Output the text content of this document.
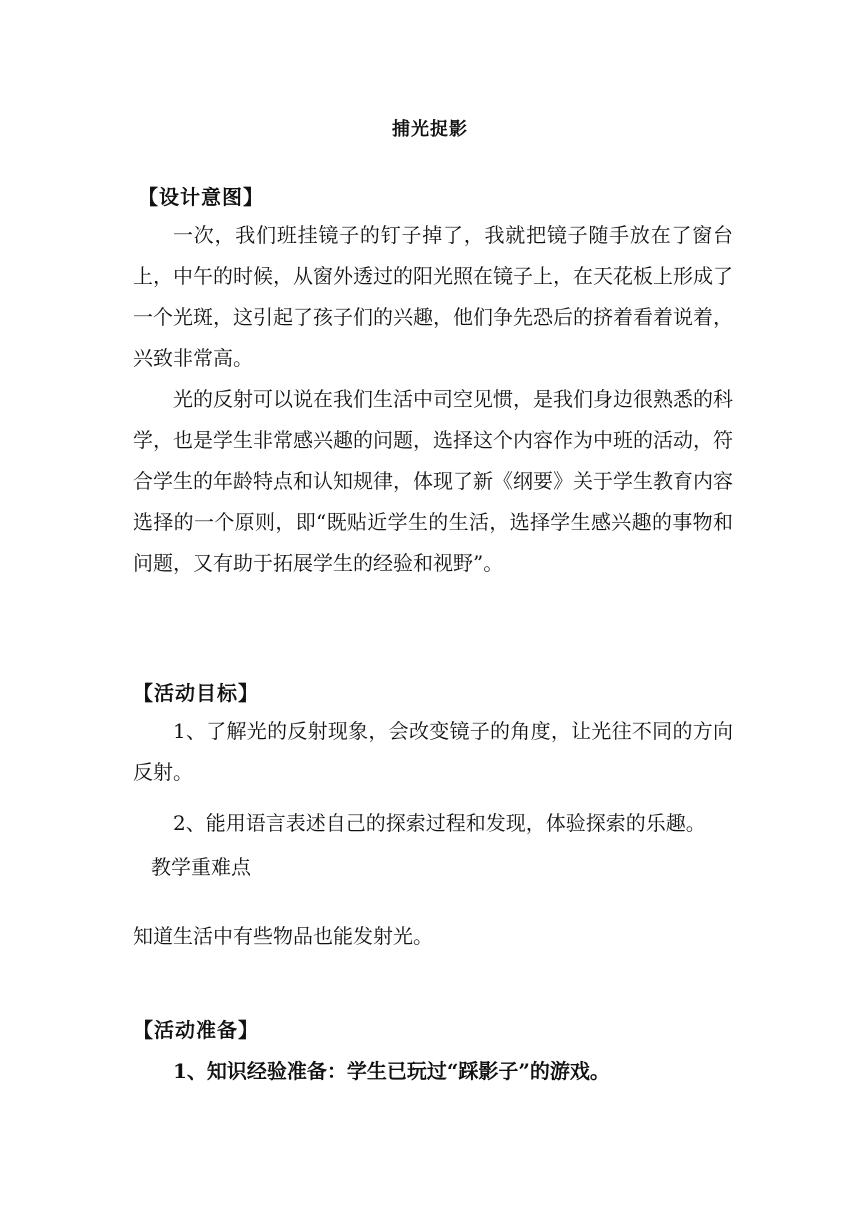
捕光捉影
【设计意图】

一次，我们班挂镜子的钉子掉了，我就把镜子随手放在了窗台上，中午的时候，从窗外透过的阳光照在镜子上，在天花板上形成了一个光斑，这引起了孩子们的兴趣，他们争先恐后的挤着看着说着，兴致非常高。

光的反射可以说在我们生活中司空见惯，是我们身边很熟悉的科学，也是学生非常感兴趣的问题，选择这个内容作为中班的活动，符合学生的年龄特点和认知规律，体现了新《纲要》关于学生教育内容选择的一个原则，即“既贴近学生的生活，选择学生感兴趣的事物和问题，又有助于拓展学生的经验和视野”。

【活动目标】

1、了解光的反射现象，会改变镜子的角度，让光往不同的方向反射。

2、能用语言表述自己的探索过程和发现，体验探索的乐趣。

教学重难点
知道生活中有些物品也能发射光。
【活动准备】
1、知识经验准备：学生已玩过“踩影子”的游戏。
